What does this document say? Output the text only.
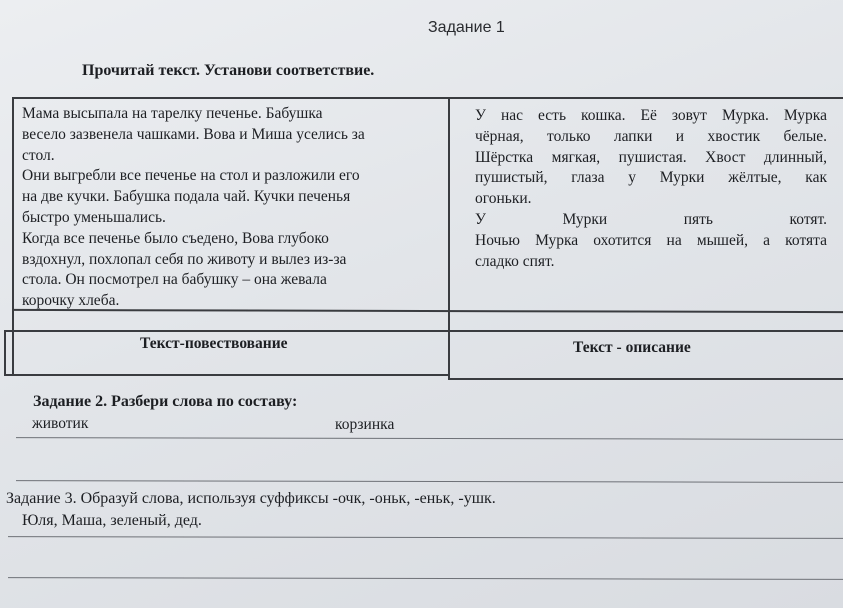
Задание 1
Прочитай текст. Установи соответствие.
Мама высыпала на тарелку печенье. Бабушка
весело зазвенела чашками. Вова и Миша уселись за
стол.
Они выгребли все печенье на стол и разложили его
на две кучки. Бабушка подала чай. Кучки печенья
быстро уменьшались.
Когда все печенье было съедено, Вова глубоко
вздохнул, похлопал себя по животу и вылез из-за
стола. Он посмотрел на бабушку – она жевала
корочку хлеба.
У нас есть кошка. Её зовут Мурка. Мурка
чёрная, только лапки и хвостик белые.
Шёрстка мягкая, пушистая. Хвост длинный,
пушистый, глаза у Мурки жёлтые, как
огоньки.
У Мурки пять котят.
Ночью Мурка охотится на мышей, а котята
сладко спят.
Текст-повествование	Текст - описание
Задание 2. Разбери слова по составу:
животик	корзинка
Задание 3. Образуй слова, используя суффиксы -очк, -оньк, -еньк, -ушк.
Юля, Маша, зеленый, дед.
